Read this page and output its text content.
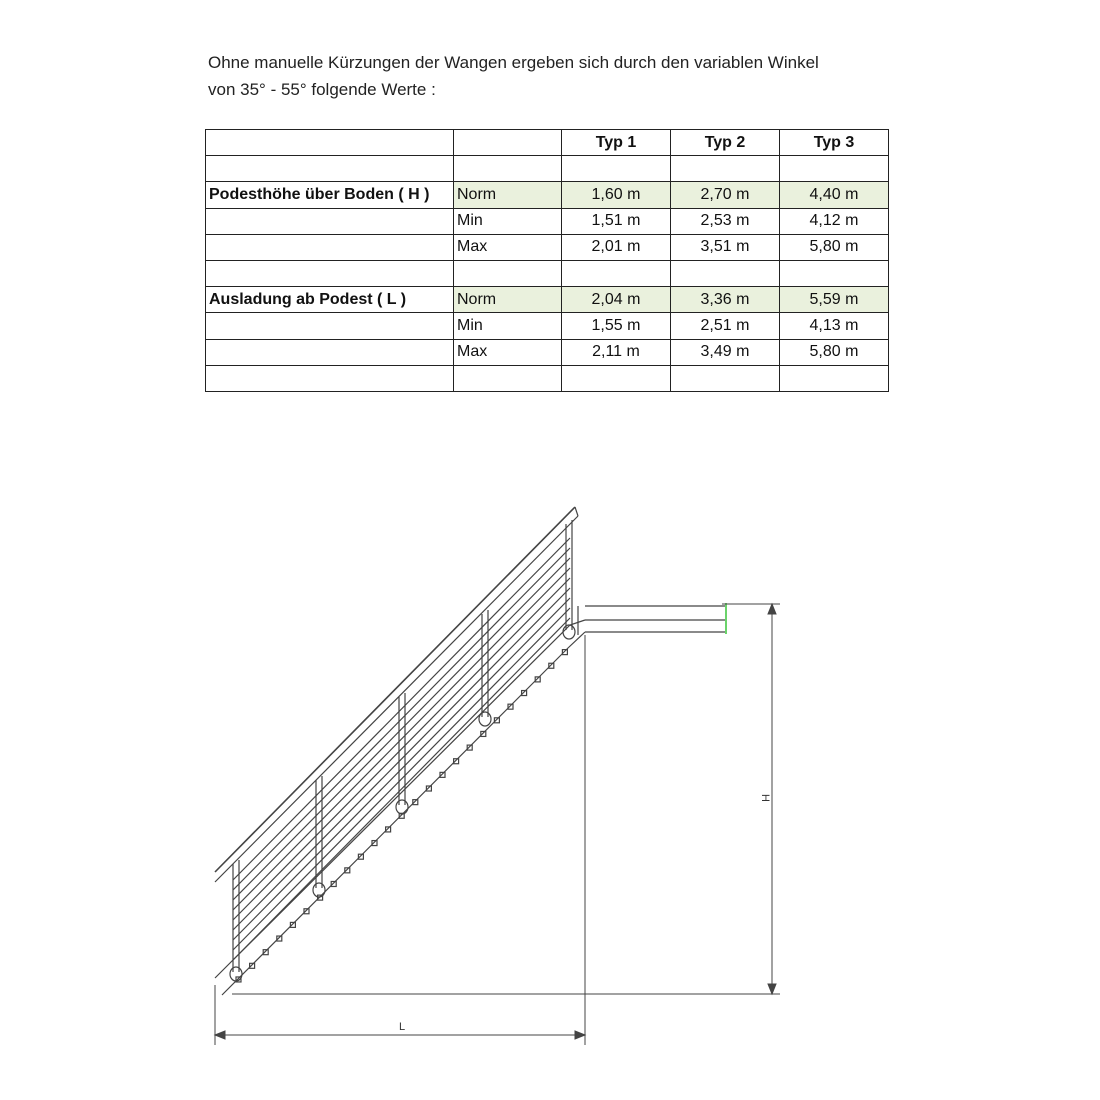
Ohne manuelle Kürzungen der Wangen ergeben sich durch den variablen Winkel

von 35° - 55° folgende Werte :

		Typ 1	Typ 2	Typ 3

Podesthöhe über Boden ( H )	Norm	1,60 m	2,70 m	4,40 m
	Min	1,51 m	2,53 m	4,12 m
	Max	2,01 m	3,51 m	5,80 m

Ausladung ab Podest ( L )	Norm	2,04 m	3,36 m	5,59 m
	Min	1,55 m	2,51 m	4,13 m
	Max	2,11 m	3,49 m	5,80 m

H
L
